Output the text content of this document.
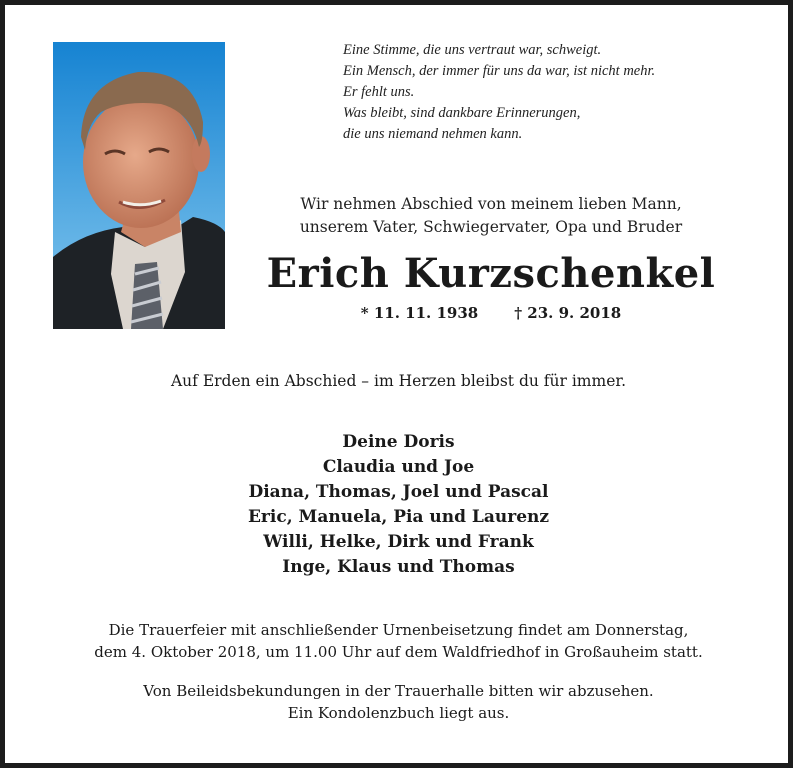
Eine Stimme, die uns vertraut war, schweigt.
Ein Mensch, der immer für uns da war, ist nicht mehr.
Er fehlt uns.
Was bleibt, sind dankbare Erinnerungen,
die uns niemand nehmen kann.
Wir nehmen Abschied von meinem lieben Mann,
unserem Vater, Schwiegervater, Opa und Bruder
Erich Kurzschenkel
* 11. 11. 1938 † 23. 9. 2018
Auf Erden ein Abschied – im Herzen bleibst du für immer.
Deine Doris
Claudia und Joe
Diana, Thomas, Joel und Pascal
Eric, Manuela, Pia und Laurenz
Willi, Helke, Dirk und Frank
Inge, Klaus und Thomas
Die Trauerfeier mit anschließender Urnenbeisetzung findet am Donnerstag,
dem 4. Oktober 2018, um 11.00 Uhr auf dem Waldfriedhof in Großauheim statt.
Von Beileidsbekundungen in der Trauerhalle bitten wir abzusehen.
Ein Kondolenzbuch liegt aus.
